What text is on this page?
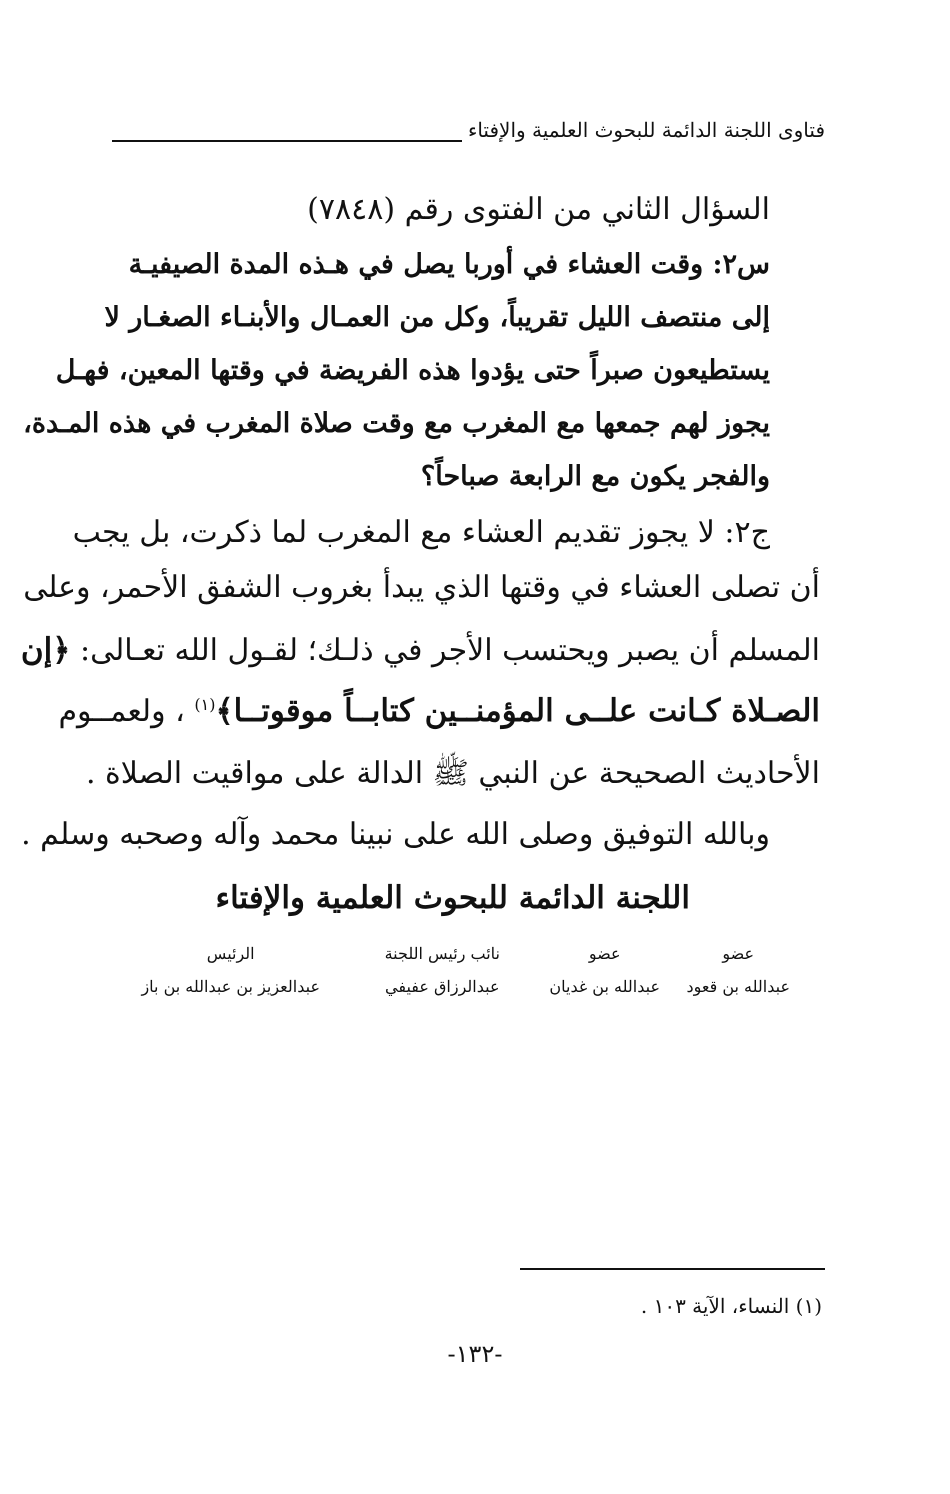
فتاوى اللجنة الدائمة للبحوث العلمية والإفتاء
السؤال الثاني من الفتوى رقم (٧٨٤٨)
س٢: وقت العشاء في أوربا يصل في هـذه المدة الصيفيـة
إلى منتصف الليل تقريباً، وكل من العمـال والأبنـاء الصغـار لا
يستطيعون صبراً حتى يؤدوا هذه الفريضة في وقتها المعين، فهـل
يجوز لهم جمعها مع المغرب مع وقت صلاة المغرب في هذه المـدة،
والفجر يكون مع الرابعة صباحاً؟
ج٢: لا يجوز تقديم العشاء مع المغرب لما ذكرت، بل يجب
أن تصلى العشاء في وقتها الذي يبدأ بغروب الشفق الأحمر، وعلى
المسلم أن يصبر ويحتسب الأجر في ذلـك؛ لقـول الله تعـالى: ﴿إن
الصـلاة كـانت علــى المؤمنــين كتابــاً موقوتــا﴾$^{(١)}$ ، ولعمــوم
الأحاديث الصحيحة عن النبي ﷺ الدالة على مواقيت الصلاة .
وبالله التوفيق وصلى الله على نبينا محمد وآله وصحبه وسلم .
اللجنة الدائمة للبحوث العلمية والإفتاء
عضو
عبدالله بن قعود
عضو
عبدالله بن غديان
نائب رئيس اللجنة
عبدالرزاق عفيفي
الرئيس
عبدالعزيز بن عبدالله بن باز
(١) النساء، الآية ١٠٣ .
-١٣٢-
